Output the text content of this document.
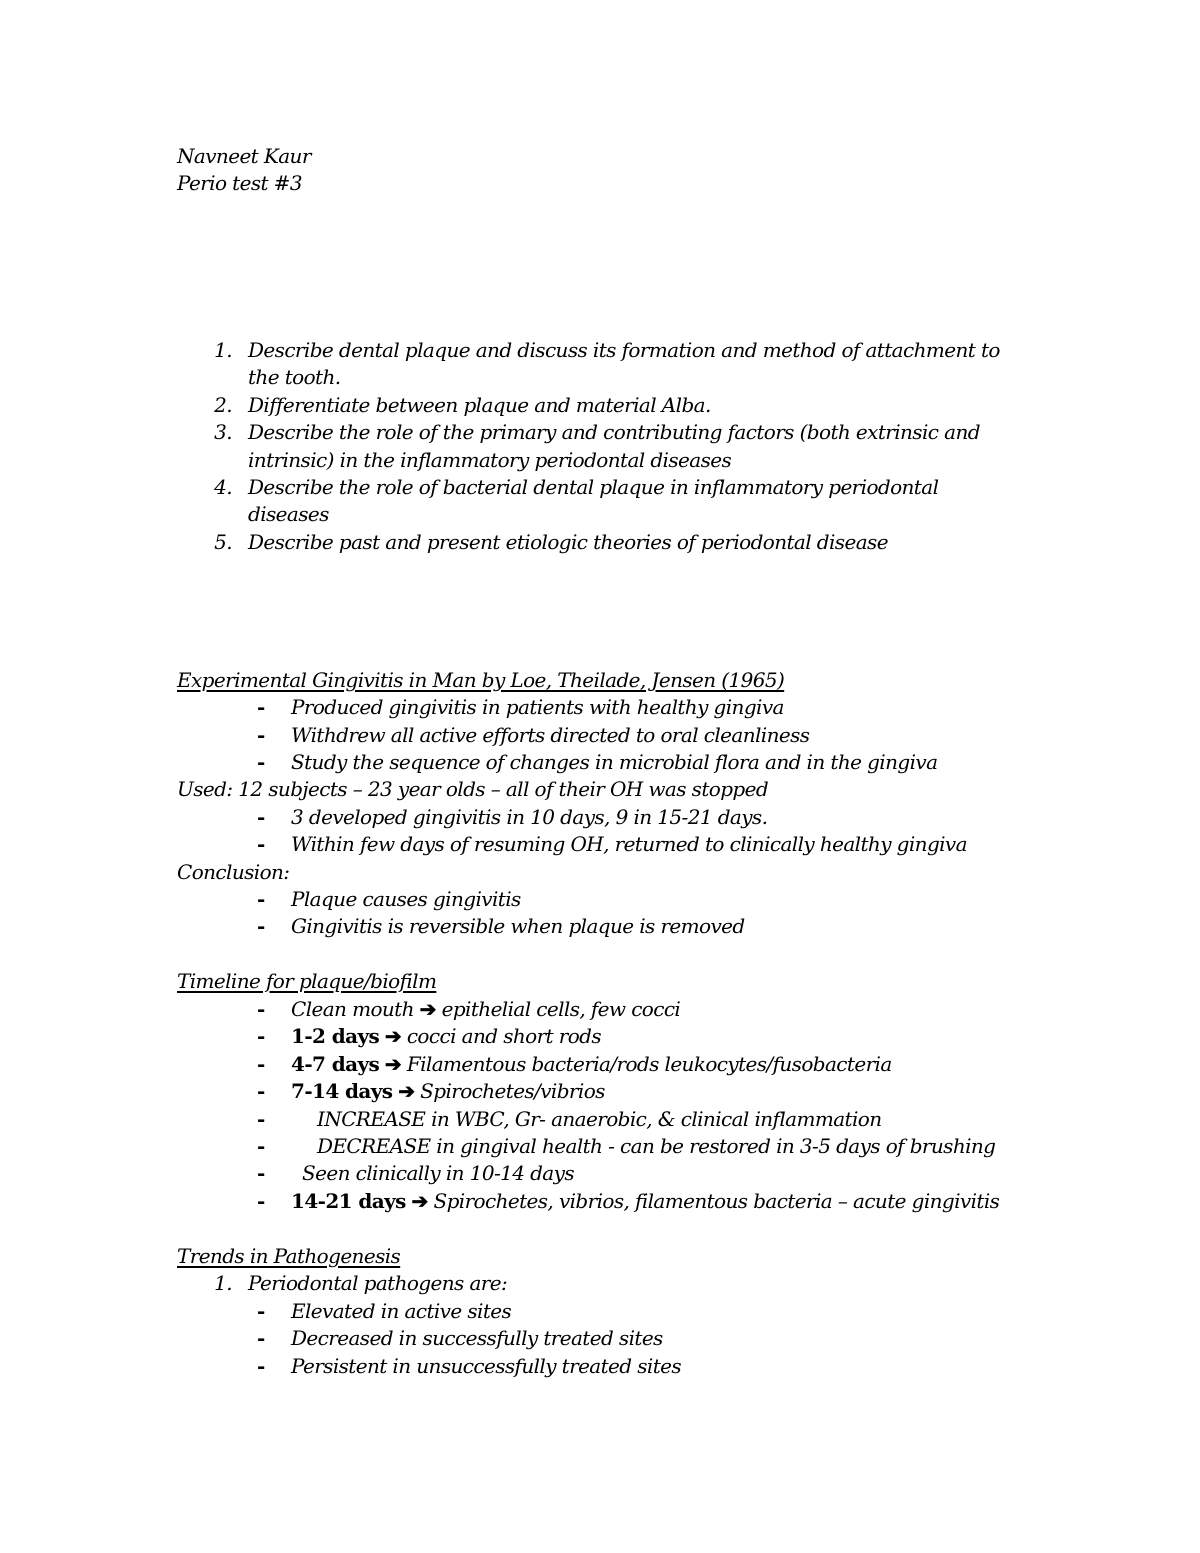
Navneet Kaur
Perio test #3
1. Describe dental plaque and discuss its formation and method of attachment to
the tooth.
2. Differentiate between plaque and material Alba.
3. Describe the role of the primary and contributing factors (both extrinsic and
intrinsic) in the inflammatory periodontal diseases
4. Describe the role of bacterial dental plaque in inflammatory periodontal
diseases
5. Describe past and present etiologic theories of periodontal disease
Experimental Gingivitis in Man by Loe, Theilade, Jensen (1965)
- Produced gingivitis in patients with healthy gingiva
- Withdrew all active efforts directed to oral cleanliness
- Study the sequence of changes in microbial flora and in the gingiva
Used: 12 subjects – 23 year olds – all of their OH was stopped
- 3 developed gingivitis in 10 days, 9 in 15-21 days.
- Within few days of resuming OH, returned to clinically healthy gingiva
Conclusion:
- Plaque causes gingivitis
- Gingivitis is reversible when plaque is removed
Timeline for plaque/biofilm
- Clean mouth ➔ epithelial cells, few cocci
- 1-2 days ➔ cocci and short rods
- 4-7 days ➔ Filamentous bacteria/rods leukocytes/fusobacteria
- 7-14 days ➔ Spirochetes/vibrios
-	INCREASE in WBC, Gr- anaerobic, & clinical inflammation
-	DECREASE in gingival health - can be restored in 3-5 days of brushing
- Seen clinically in 10-14 days
- 14-21 days ➔ Spirochetes, vibrios, filamentous bacteria – acute gingivitis
Trends in Pathogenesis
1. Periodontal pathogens are:
- Elevated in active sites
- Decreased in successfully treated sites
- Persistent in unsuccessfully treated sites
